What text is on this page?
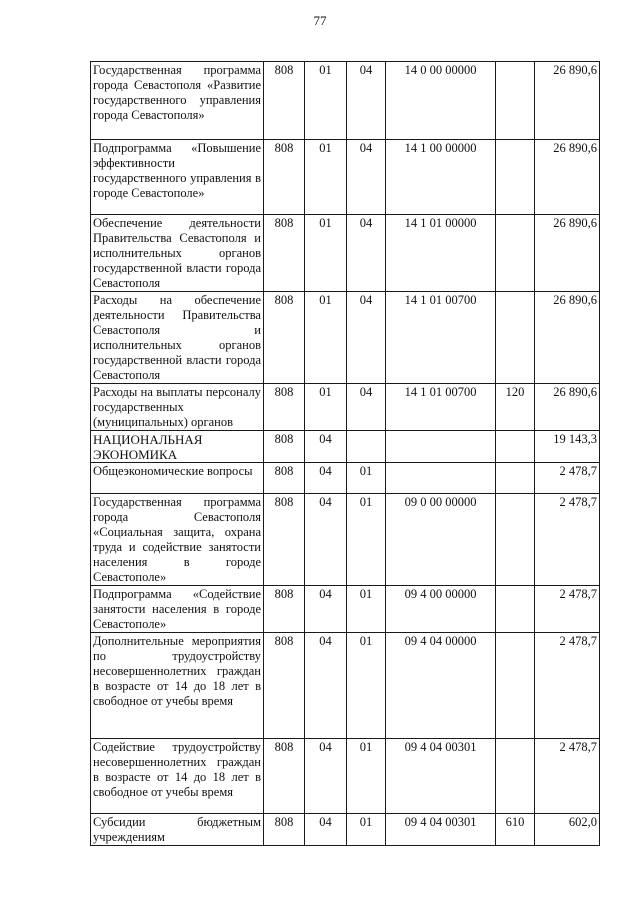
77
Государственная программа города Севастополя «Развитие государственного управления города Севастополя»	808	01	04	14 0 00 00000		26 890,6
Подпрограмма «Повышение эффективности государственного управления в городе Севастополе»	808	01	04	14 1 00 00000		26 890,6
Обеспечение деятельности Правительства Севастополя и исполнительных органов государственной власти города Севастополя	808	01	04	14 1 01 00000		26 890,6
Расходы на обеспечение деятельности Правительства Севастополя и исполнительных органов государственной власти города Севастополя	808	01	04	14 1 01 00700		26 890,6
Расходы на выплаты персоналу государственных (муниципальных) органов	808	01	04	14 1 01 00700	120	26 890,6
НАЦИОНАЛЬНАЯ ЭКОНОМИКА	808	04				19 143,3
Общеэкономические вопросы	808	04	01			2 478,7
Государственная программа города Севастополя «Социальная защита, охрана труда и содействие занятости населения в городе Севастополе»	808	04	01	09 0 00 00000		2 478,7
Подпрограмма «Содействие занятости населения в городе Севастополе»	808	04	01	09 4 00 00000		2 478,7
Дополнительные мероприятия по трудоустройству несовершеннолетних граждан в возрасте от 14 до 18 лет в свободное от учебы время	808	04	01	09 4 04 00000		2 478,7
Содействие трудоустройству несовершеннолетних граждан в возрасте от 14 до 18 лет в свободное от учебы время	808	04	01	09 4 04 00301		2 478,7
Субсидии бюджетным учреждениям	808	04	01	09 4 04 00301	610	602,0
